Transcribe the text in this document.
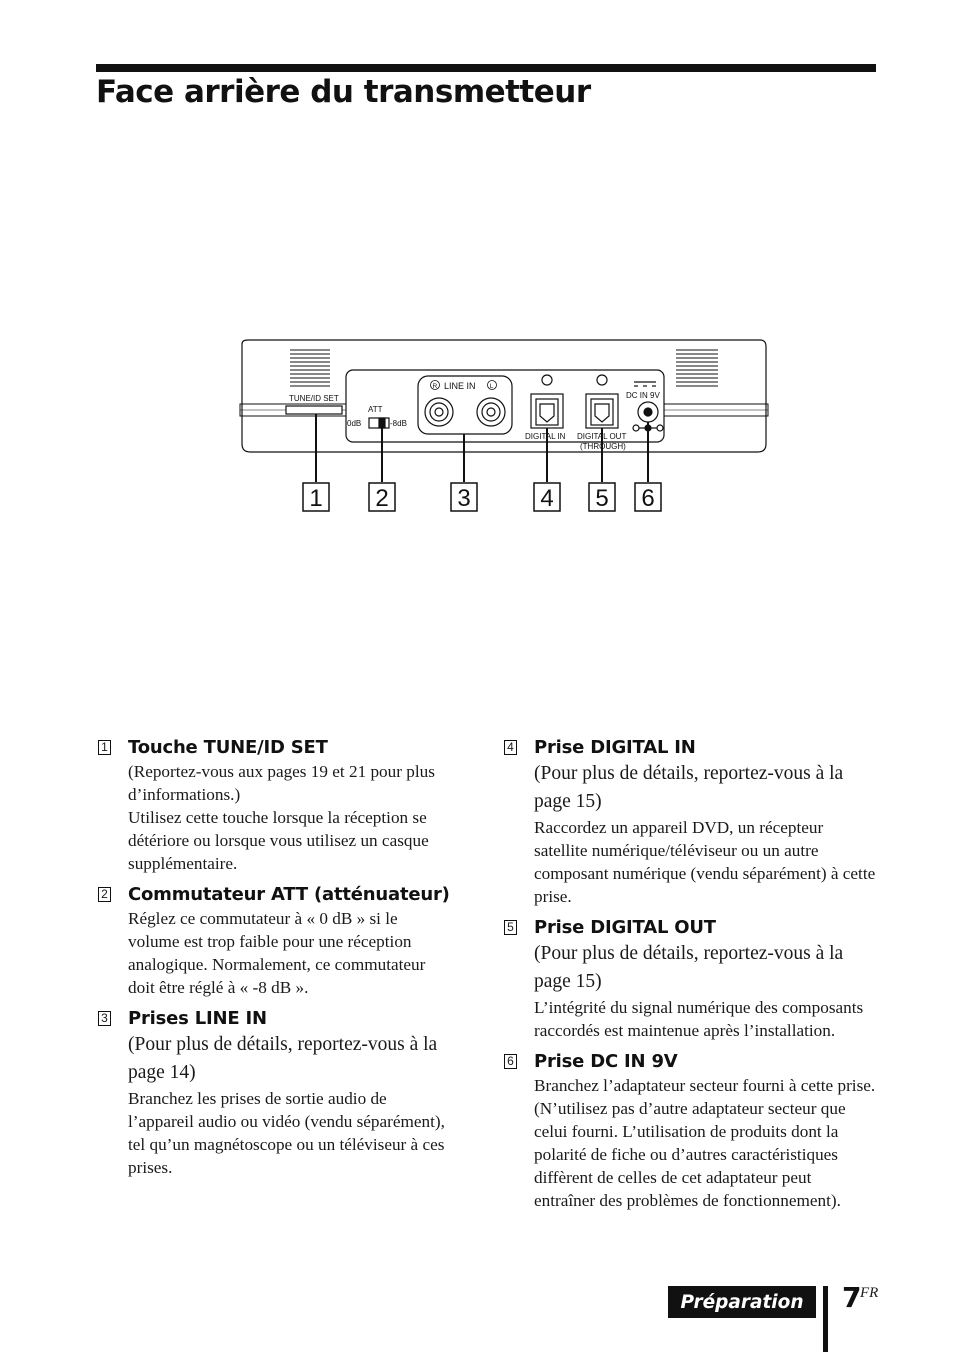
Face arrière du transmetteur
TUNE/ID SET
ATT
0dB	-8dB
R LINE IN L
DIGITAL IN DIGITAL OUT
(THROUGH)
DC IN 9V
1 2	3	4 5 6
1 Touche TUNE/ID SET

(Reportez-vous aux pages 19 et 21 pour plus d’informations.)

Utilisez cette touche lorsque la réception se détériore ou lorsque vous utilisez un casque supplémentaire.

2 Commutateur ATT (atténuateur)

Réglez ce commutateur à « 0 dB » si le volume est trop faible pour une réception analogique. Normalement, ce commutateur doit être réglé à « -8 dB ».

3 Prises LINE IN

(Pour plus de détails, reportez-vous à la page 14)

Branchez les prises de sortie audio de l’appareil audio ou vidéo (vendu séparément), tel qu’un magnétoscope ou un téléviseur à ces prises.

4 Prise DIGITAL IN

(Pour plus de détails, reportez-vous à la page 15)

Raccordez un appareil DVD, un récepteur satellite numérique/téléviseur ou un autre composant numérique (vendu séparément) à cette prise.

5 Prise DIGITAL OUT

(Pour plus de détails, reportez-vous à la page 15)

L’intégrité du signal numérique des composants raccordés est maintenue après l’installation.

6 Prise DC IN 9V

Branchez l’adaptateur secteur fourni à cette prise. (N’utilisez pas d’autre adaptateur secteur que celui fourni. L’utilisation de produits dont la polarité de fiche ou d’autres caractéristiques diffèrent de celles de cet adaptateur peut entraîner des problèmes de fonctionnement).

Préparation	7
FR
